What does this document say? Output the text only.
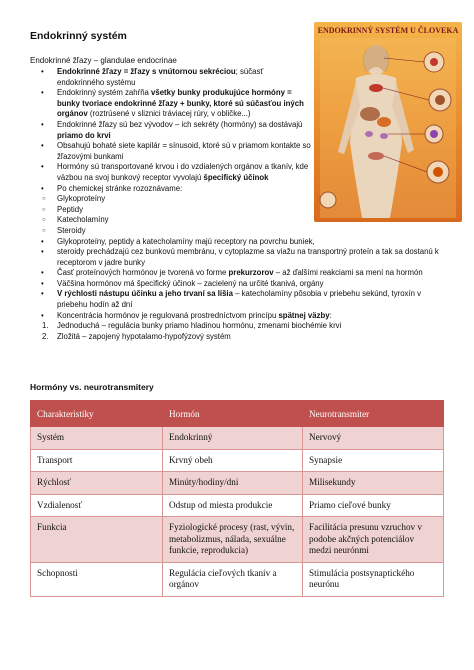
Endokrinný systém	ENDOKRINNÝ SYSTÉM U ČLOVEKA
Endokrinné žľazy – glandulae endocrinae
• Endokrinné žľazy = žľazy s vnútornou sekréciou; súčasť endokrinného systému
• Endokrinný systém zahŕňa všetky bunky produkujúce hormóny = bunky tvoriace endokrinné žľazy + bunky, ktoré sú súčasťou iných orgánov (roztrúsené v sliznici tráviacej rúry, v obličke...)
• Endokrinné žľazy sú bez vývodov – ich sekréty (hormóny) sa dostávajú priamo do krvi
• Obsahujú bohaté siete kapilár = sínusoid, ktoré sú v priamom kontakte so žľazovými bunkami
• Hormóny sú transportované krvou i do vzdialených orgánov a tkanív, kde väzbou na svoj bunkový receptor vyvolajú špecifický účinok
• Po chemickej stránke rozoznávame:
○ Glykoproteíny
○ Peptidy
○ Katecholamíny
○ Steroidy
• Glykoproteíny, peptidy a katecholamíny majú receptory na povrchu buniek,
• steroidy prechádzajú cez bunkovú membránu, v cytoplazme sa viažu na transportný proteín a tak sa dostanú k receptorom v jadre bunky
• Časť proteínových hormónov je tvorená vo forme prekurzorov – až ďalšími reakciami sa mení na hormón
• Väčšina hormónov má špecifický účinok – zacielený na určité tkanivá, orgány
• V rýchlosti nástupu účinku a jeho trvaní sa líšia – katecholamíny pôsobia v priebehu sekúnd, tyroxín v priebehu hodín až dní
• Koncentrácia hormónov je regulovaná prostredníctvom princípu spätnej väzby:
1. Jednoduchá – regulácia bunky priamo hladinou hormónu, zmenami biochémie krvi
2. Zložitá – zapojený hypotalamo-hypofýzový systém
Hormóny vs. neurotransmitery
Charakteristiky	Hormón	Neurotransmiter
Systém	Endokrinný	Nervový
Transport	Krvný obeh	Synapsie
Rýchlosť	Minúty/hodiny/dni	Milisekundy
Vzdialenosť	Odstup od miesta produkcie	Priamo cieľové bunky
Funkcia	Fyziologické procesy (rast, vývin, metabolizmus, nálada, sexuálne funkcie, reprodukcia)	Facilitácia presunu vzruchov v podobe akčných potenciálov medzi neurónmi
Schopnosti	Regulácia cieľových tkanív a orgánov	Stimulácia postsynaptického neurónu
